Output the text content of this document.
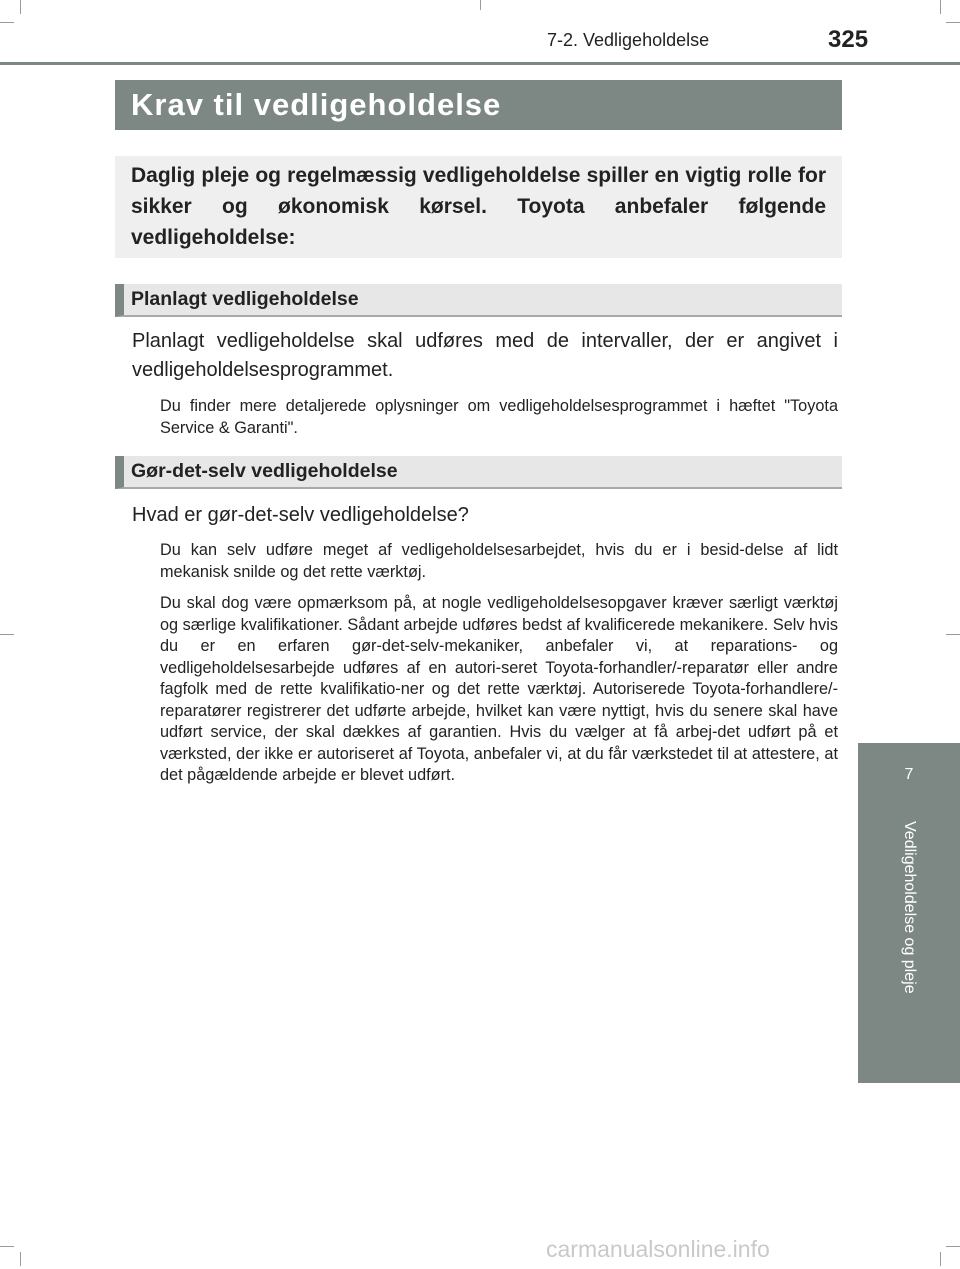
7-2. Vedligeholdelse	325
Krav til vedligeholdelse
Daglig pleje og regelmæssig vedligeholdelse spiller en vigtig rolle for sikker og økonomisk kørsel. Toyota anbefaler følgende vedligeholdelse:
Planlagt vedligeholdelse
Planlagt vedligeholdelse skal udføres med de intervaller, der er angivet i vedligeholdelsesprogrammet.
Du finder mere detaljerede oplysninger om vedligeholdelsesprogrammet i hæftet "Toyota Service & Garanti".
Gør-det-selv vedligeholdelse
Hvad er gør-det-selv vedligeholdelse?
Du kan selv udføre meget af vedligeholdelsesarbejdet, hvis du er i besid-delse af lidt mekanisk snilde og det rette værktøj.
Du skal dog være opmærksom på, at nogle vedligeholdelsesopgaver kræver særligt værktøj og særlige kvalifikationer. Sådant arbejde udføres bedst af kvalificerede mekanikere. Selv hvis du er en erfaren gør-det-selv-mekaniker, anbefaler vi, at reparations- og vedligeholdelsesarbejde udføres af en autori-seret Toyota-forhandler/-reparatør eller andre fagfolk med de rette kvalifikatio-ner og det rette værktøj. Autoriserede Toyota-forhandlere/-reparatører registrerer det udførte arbejde, hvilket kan være nyttigt, hvis du senere skal have udført service, der skal dækkes af garantien. Hvis du vælger at få arbej-det udført på et værksted, der ikke er autoriseret af Toyota, anbefaler vi, at du får værkstedet til at attestere, at det pågældende arbejde er blevet udført.	7
Vedligeholdelse og pleje
carmanualsonline.info
